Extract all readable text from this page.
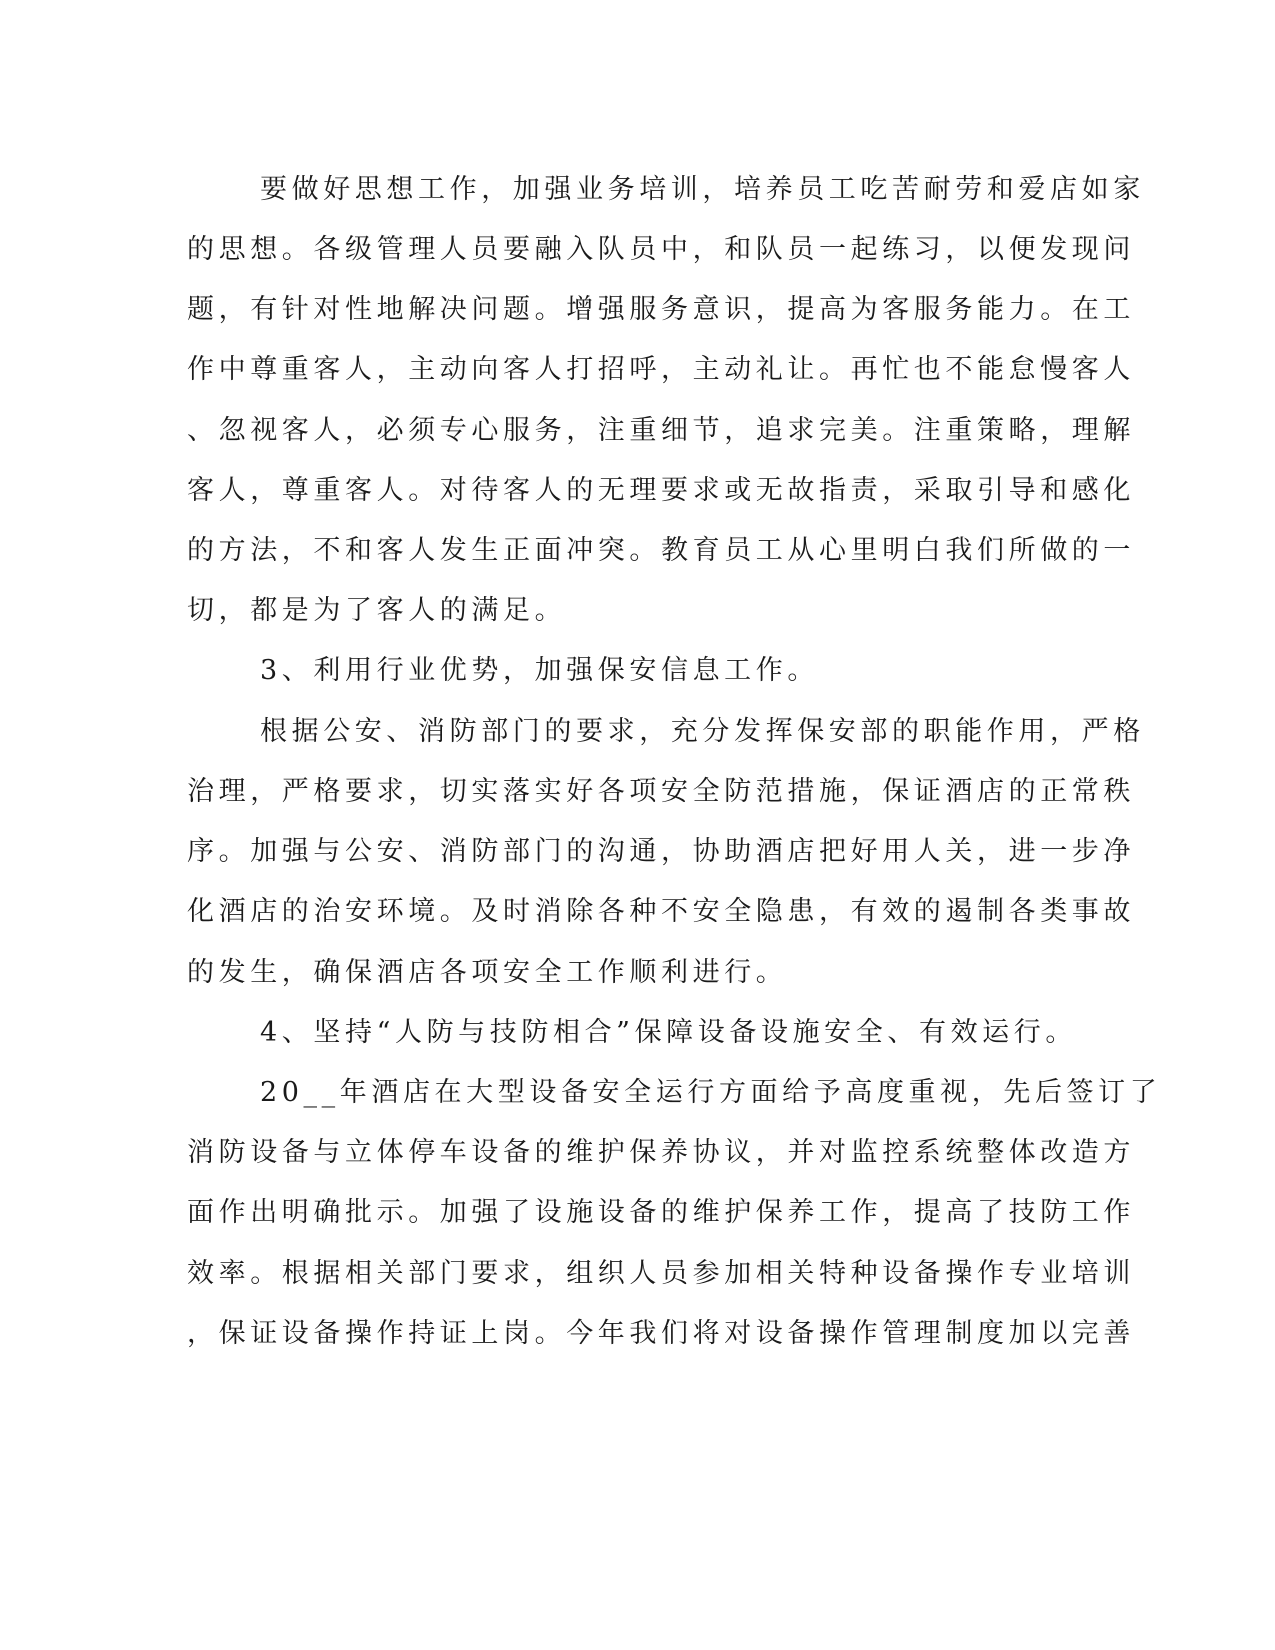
要做好思想工作，加强业务培训，培养员工吃苦耐劳和爱店如家
的思想。各级管理人员要融入队员中，和队员一起练习，以便发现问
题，有针对性地解决问题。增强服务意识，提高为客服务能力。在工
作中尊重客人，主动向客人打招呼，主动礼让。再忙也不能怠慢客人
、忽视客人，必须专心服务，注重细节，追求完美。注重策略，理解
客人，尊重客人。对待客人的无理要求或无故指责，采取引导和感化
的方法，不和客人发生正面冲突。教育员工从心里明白我们所做的一
切，都是为了客人的满足。
3、利用行业优势，加强保安信息工作。
根据公安、消防部门的要求，充分发挥保安部的职能作用，严格
治理，严格要求，切实落实好各项安全防范措施，保证酒店的正常秩
序。加强与公安、消防部门的沟通，协助酒店把好用人关，进一步净
化酒店的治安环境。及时消除各种不安全隐患，有效的遏制各类事故
的发生，确保酒店各项安全工作顺利进行。
4、坚持“人防与技防相合”保障设备设施安全、有效运行。
20__年酒店在大型设备安全运行方面给予高度重视，先后签订了
消防设备与立体停车设备的维护保养协议，并对监控系统整体改造方
面作出明确批示。加强了设施设备的维护保养工作，提高了技防工作
效率。根据相关部门要求，组织人员参加相关特种设备操作专业培训
，保证设备操作持证上岗。今年我们将对设备操作管理制度加以完善
